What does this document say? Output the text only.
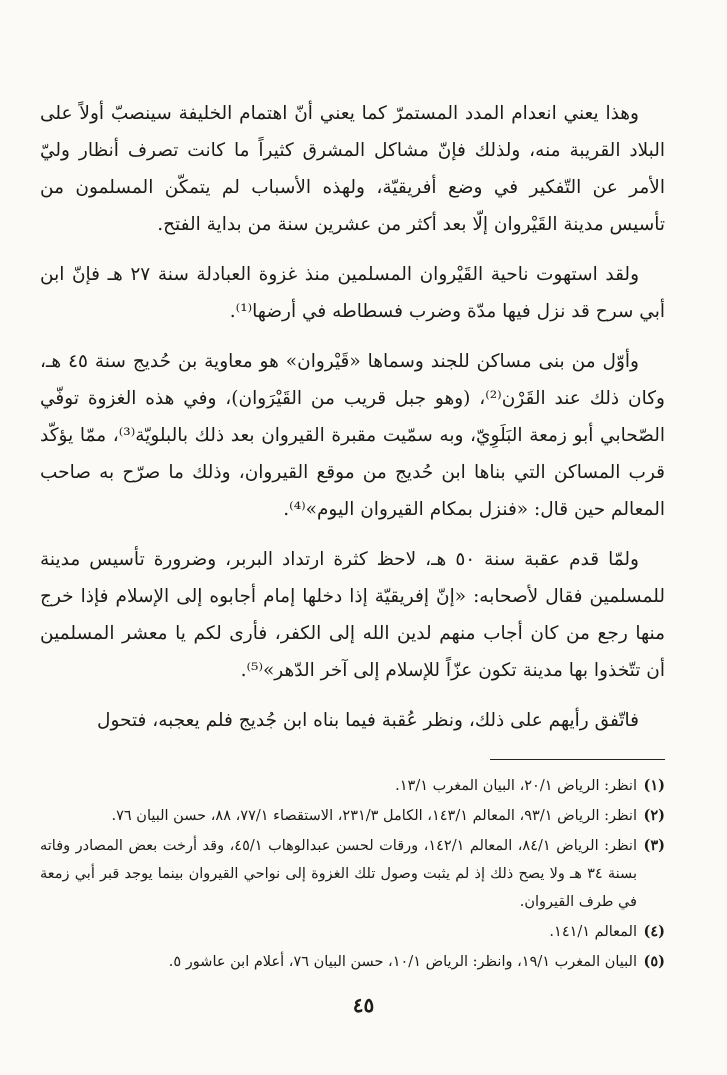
وهذا يعني انعدام المدد المستمرّ كما يعني أنّ اهتمام الخليفة سينصبّ أولاً على البلاد القريبة منه، ولذلك فإنّ مشاكل المشرق كثيراً ما كانت تصرف أنظار وليّ الأمر عن التّفكير في وضع أفريقيّة، ولهذه الأسباب لم يتمكّن المسلمون من تأسيس مدينة القَيْروان إلّا بعد أكثر من عشرين سنة من بداية الفتح.

ولقد استهوت ناحية القَيْروان المسلمين منذ غزوة العبادلة سنة ٢٧ هـ فإنّ ابن أبي سرح قد نزل فيها مدّة وضرب فسطاطه في أرضها⁽¹⁾.

وأوّل من بنى مساكن للجند وسماها «قَيْروان» هو معاوية بن حُديج سنة ٤٥ هـ، وكان ذلك عند القَرْن⁽²⁾، (وهو جبل قريب من القَيْرَوان)، وفي هذه الغزوة توفّي الصّحابي أبو زمعة البَلَوِيّ، وبه سمّيت مقبرة القيروان بعد ذلك بالبلويّة⁽³⁾، ممّا يؤكّد قرب المساكن التي بناها ابن حُديج من موقع القيروان، وذلك ما صرّح به صاحب المعالم حين قال: «فنزل بمكام القيروان اليوم»⁽⁴⁾.

ولمّا قدم عقبة سنة ٥٠ هـ، لاحظ كثرة ارتداد البربر، وضرورة تأسيس مدينة للمسلمين فقال لأصحابه: «إنّ إفريقيّة إذا دخلها إمام أجابوه إلى الإسلام فإذا خرج منها رجع من كان أجاب منهم لدين الله إلى الكفر، فأرى لكم يا معشر المسلمين أن تتّخذوا بها مدينة تكون عزّاً للإسلام إلى آخر الدّهر»⁽⁵⁾.

فاتّفق رأيهم على ذلك، ونظر عُقبة فيما بناه ابن جُديج فلم يعجبه، فتحول

(١)
انظر: الرياض ٢٠/١، البيان المغرب ١٣/١.
(٢)
انظر: الرياض ٩٣/١، المعالم ١٤٣/١، الكامل ٢٣١/٣، الاستقصاء ٧٧/١، ٨٨، حسن البيان ٧٦.
(٣)
انظر: الرياض ٨٤/١، المعالم ١٤٢/١، ورقات لحسن عبدالوهاب ٤٥/١، وقد أرخت بعض المصادر وفاته بسنة ٣٤ هـ ولا يصح ذلك إذ لم يثبت وصول تلك الغزوة إلى نواحي القيروان بينما يوجد قبر أبي زمعة في طرف القيروان.
(٤)
المعالم ١٤١/١.
(٥)
البيان المغرب ١٩/١، وانظر: الرياض ١٠/١، حسن البيان ٧٦، أعلام ابن عاشور ٥.
٤٥
